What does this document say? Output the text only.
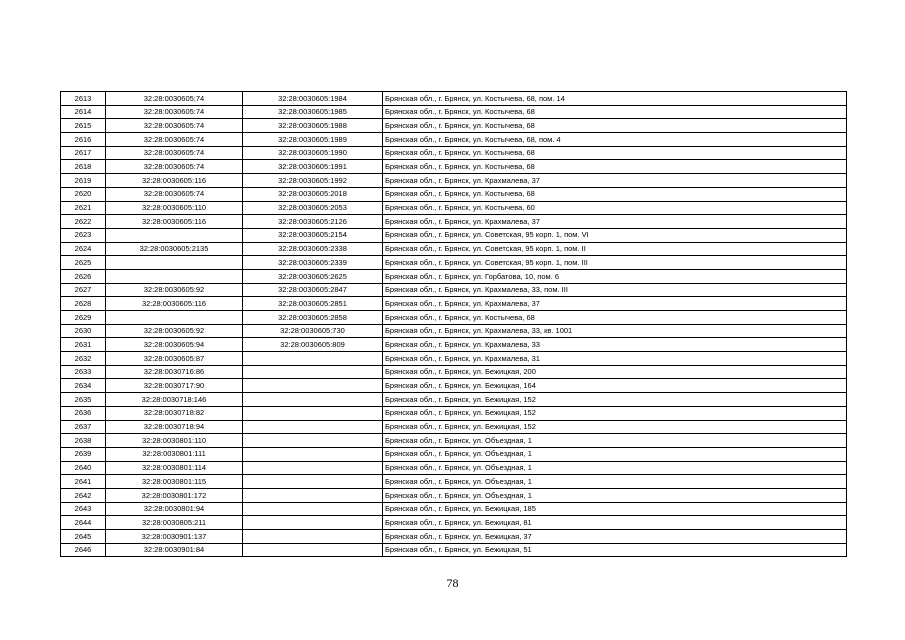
2613	32:28:0030605:74	32:28:0030605:1984	Брянская обл., г. Брянск, ул. Костычева, 68, пом. 14
2614	32:28:0030605:74	32:28:0030605:1985	Брянская обл., г. Брянск, ул. Костычева, 68
2615	32:28:0030605:74	32:28:0030605:1988	Брянская обл., г. Брянск, ул. Костычева, 68
2616	32:28:0030605:74	32:28:0030605:1989	Брянская обл., г. Брянск, ул. Костычева, 68, пом. 4
2617	32:28:0030605:74	32:28:0030605:1990	Брянская обл., г. Брянск, ул. Костычева, 68
2618	32:28:0030605:74	32:28:0030605:1991	Брянская обл., г. Брянск, ул. Костычева, 68
2619	32:28:0030605:116	32:28:0030605:1992	Брянская обл., г. Брянск, ул. Крахмалева, 37
2620	32:28:0030605:74	32:28:0030605:2018	Брянская обл., г. Брянск, ул. Костычева, 68
2621	32:28:0030605:110	32:28:0030605:2053	Брянская обл., г. Брянск, ул. Костычева, 60
2622	32:28:0030605:116	32:28:0030605:2126	Брянская обл., г. Брянск, ул. Крахмалева, 37
2623		32:28:0030605:2154	Брянская обл., г. Брянск, ул. Советская, 95 корп. 1, пом. VI
2624	32:28:0030605:2135	32:28:0030605:2338	Брянская обл., г. Брянск, ул. Советская, 95 корп. 1, пом. II
2625		32:28:0030605:2339	Брянская обл., г. Брянск, ул. Советская, 95 корп. 1, пом. III
2626		32:28:0030605:2625	Брянская обл., г. Брянск, ул. Горбатова, 10, пом. 6
2627	32:28:0030605:92	32:28:0030605:2847	Брянская обл., г. Брянск, ул. Крахмалева, 33, пом. III
2628	32:28:0030605:116	32:28:0030605:2851	Брянская обл., г. Брянск, ул. Крахмалева, 37
2629		32:28:0030605:2858	Брянская обл., г. Брянск, ул. Костычева, 68
2630	32:28:0030605:92	32:28:0030605:730	Брянская обл., г. Брянск, ул. Крахмалева, 33, кв. 1001
2631	32:28:0030605:94	32:28:0030605:809	Брянская обл., г. Брянск, ул. Крахмалева, 33
2632	32:28:0030605:87		Брянская обл., г. Брянск, ул. Крахмалева, 31
2633	32:28:0030716:86		Брянская обл., г. Брянск, ул. Бежицкая, 200
2634	32:28:0030717:90		Брянская обл., г. Брянск, ул. Бежицкая, 164
2635	32:28:0030718:146		Брянская обл., г. Брянск, ул. Бежицкая, 152
2636	32:28:0030718:82		Брянская обл., г. Брянск, ул. Бежицкая, 152
2637	32:28:0030718:94		Брянская обл., г. Брянск, ул. Бежицкая, 152
2638	32:28:0030801:110		Брянская обл., г. Брянск, ул. Объездная, 1
2639	32:28:0030801:111		Брянская обл., г. Брянск, ул. Объездная, 1
2640	32:28:0030801:114		Брянская обл., г. Брянск, ул. Объездная, 1
2641	32:28:0030801:115		Брянская обл., г. Брянск, ул. Объездная, 1
2642	32:28:0030801:172		Брянская обл., г. Брянск, ул. Объездная, 1
2643	32:28:0030801:94		Брянская обл., г. Брянск, ул. Бежицкая, 185
2644	32:28:0030805:211		Брянская обл., г. Брянск, ул. Бежицкая, 81
2645	32:28:0030901:137		Брянская обл., г. Брянск, ул. Бежицкая, 37
2646	32:28:0030901:84		Брянская обл., г. Брянск, ул. Бежицкая, 51
78
